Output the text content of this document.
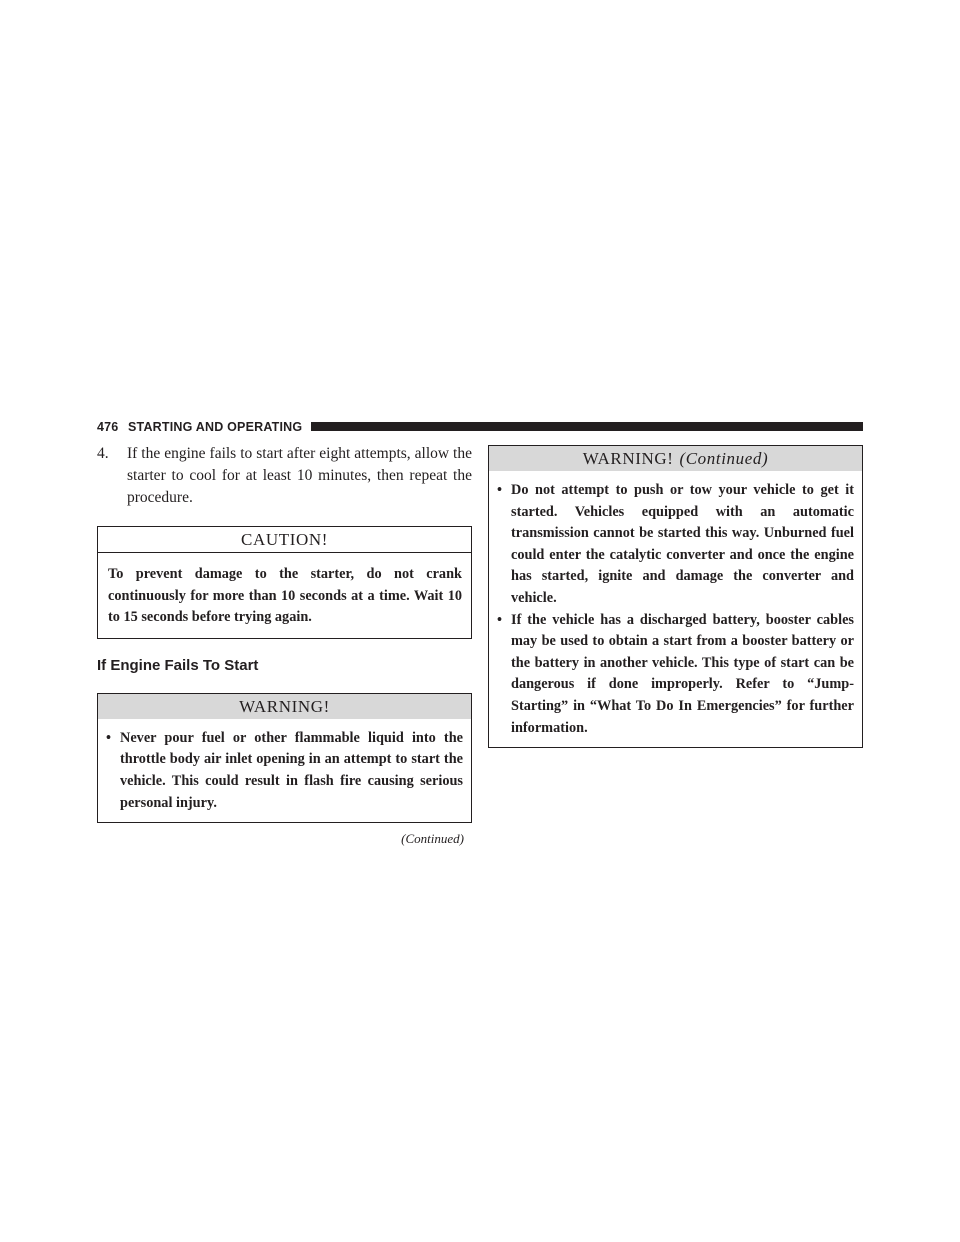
476 STARTING AND OPERATING
4. If the engine fails to start after eight attempts, allow the starter to cool for at least 10 minutes, then repeat the procedure.
CAUTION!
To prevent damage to the starter, do not crank continuously for more than 10 seconds at a time. Wait 10 to 15 seconds before trying again.
If Engine Fails To Start
WARNING!

• Never pour fuel or other flammable liquid into the throttle body air inlet opening in an attempt to start the vehicle. This could result in flash fire causing serious personal injury.

(Continued)
WARNING! (Continued)

• Do not attempt to push or tow your vehicle to get it started. Vehicles equipped with an automatic transmission cannot be started this way. Unburned fuel could enter the catalytic converter and once the engine has started, ignite and damage the converter and vehicle.

• If the vehicle has a discharged battery, booster cables may be used to obtain a start from a booster battery or the battery in another vehicle. This type of start can be dangerous if done improperly. Refer to “Jump-Starting” in “What To Do In Emergencies” for further information.
